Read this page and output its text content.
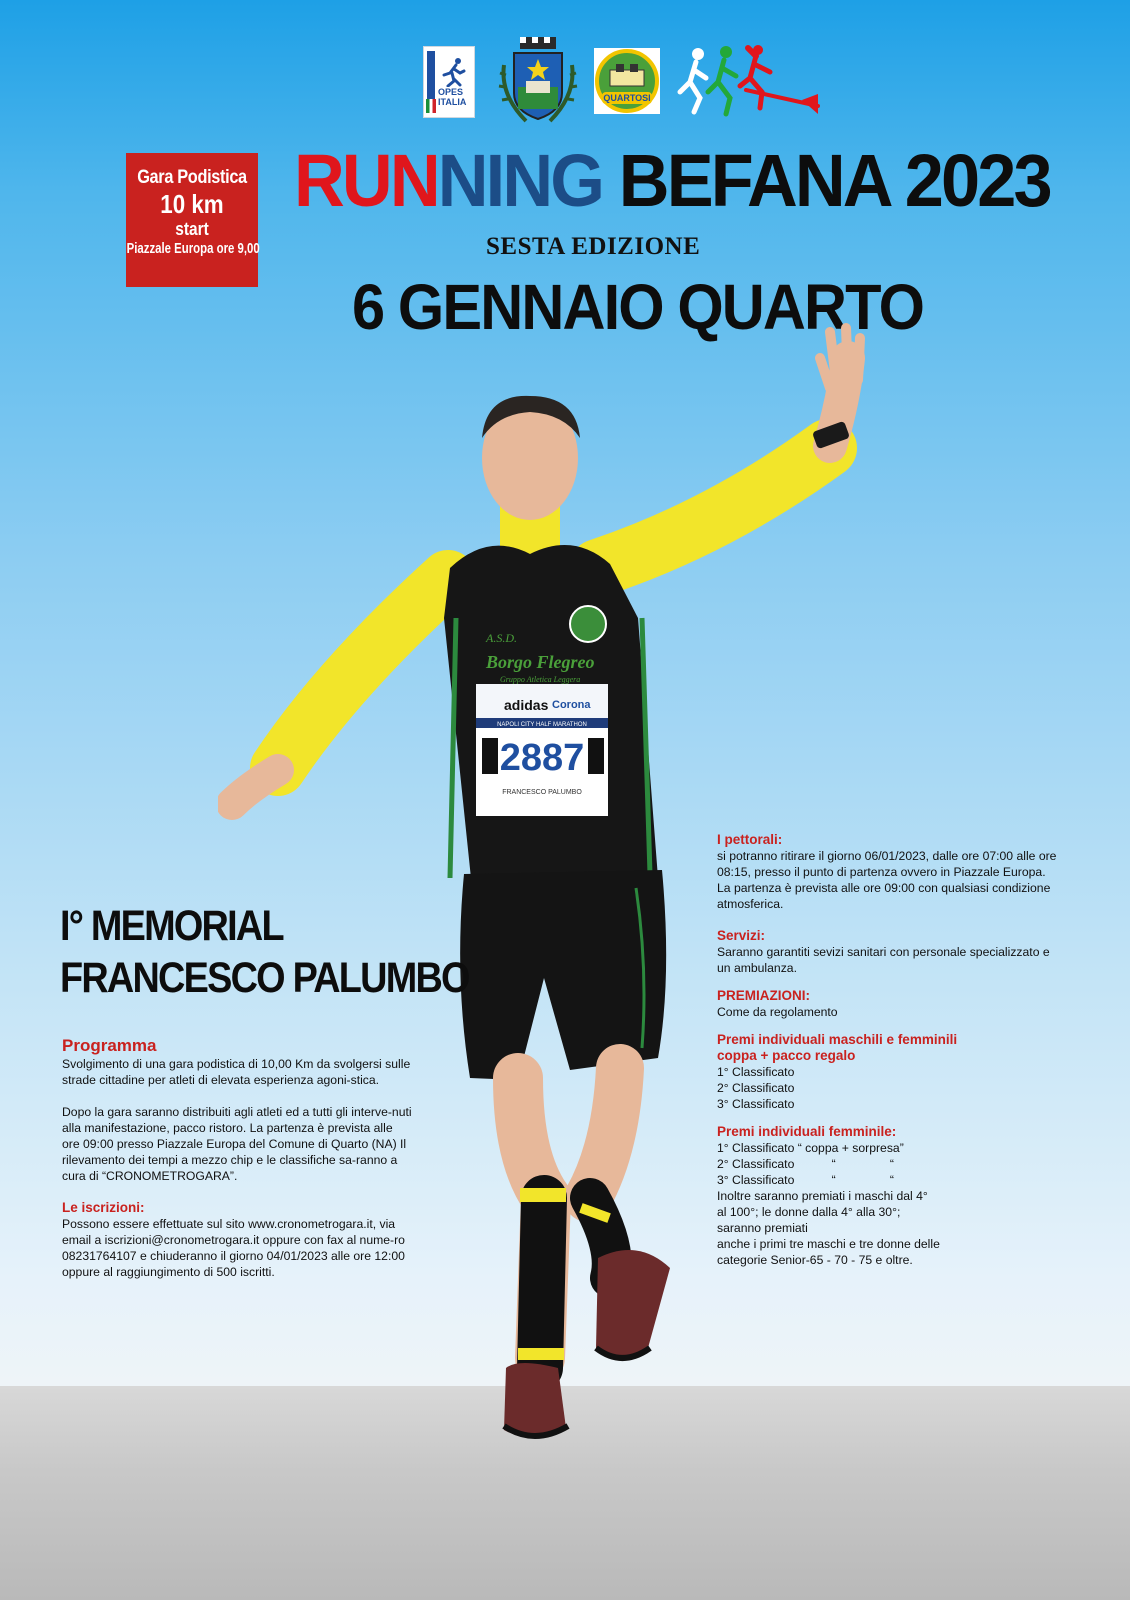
OPES ITALIA	QUARTOSI
Gara Podistica
10 km
start
Piazzale Europa ore 9,00
RUNNING BEFANA 2023
SESTA EDIZIONE
6 GENNAIO QUARTO
A.S.D.
Borgo Flegreo
Gruppo Atletica Leggera
adidas Corona
NAPOLI CITY HALF MARATHON
2887
FRANCESCO PALUMBO
I° MEMORIAL
FRANCESCO PALUMBO
Programma

Svolgimento di una gara podistica di 10,00 Km da svolgersi sulle strade cittadine per atleti di elevata esperienza agoni-stica.

Dopo la gara saranno distribuiti agli atleti ed a tutti gli interve-nuti alla manifestazione, pacco ristoro. La partenza è prevista alle ore 09:00 presso Piazzale Europa del Comune di Quarto (NA) Il rilevamento dei tempi a mezzo chip e le classifiche sa-ranno a cura di “CRONOMETROGARA”.

Le iscrizioni:

Possono essere effettuate sul sito www.cronometrogara.it, via email a iscrizioni@cronometrogara.it oppure con fax al nume-ro 08231764107 e chiuderanno il giorno 04/01/2023 alle ore 12:00 oppure al raggiungimento di 500 iscritti.

I pettorali:

si potranno ritirare il giorno 06/01/2023, dalle ore 07:00 alle ore 08:15, presso il punto di partenza ovvero in Piazzale Europa. La partenza è prevista alle ore 09:00 con qualsiasi condizione atmosferica.

Servizi:

Saranno garantiti sevizi sanitari con personale specializzato e un ambulanza.

PREMIAZIONI:

Come da regolamento

Premi individuali maschili e femminili
coppa + pacco regalo

1° Classificato

2° Classificato

3° Classificato

Premi individuali femminile:

1° Classificato “ coppa + sorpresa”

2° Classificato           “                “

3° Classificato           “                “

Inoltre saranno premiati i maschi dal 4°

al 100°; le donne dalla 4° alla 30°;

saranno premiati

anche i primi tre maschi e tre donne delle

categorie Senior-65 - 70 - 75 e oltre.
